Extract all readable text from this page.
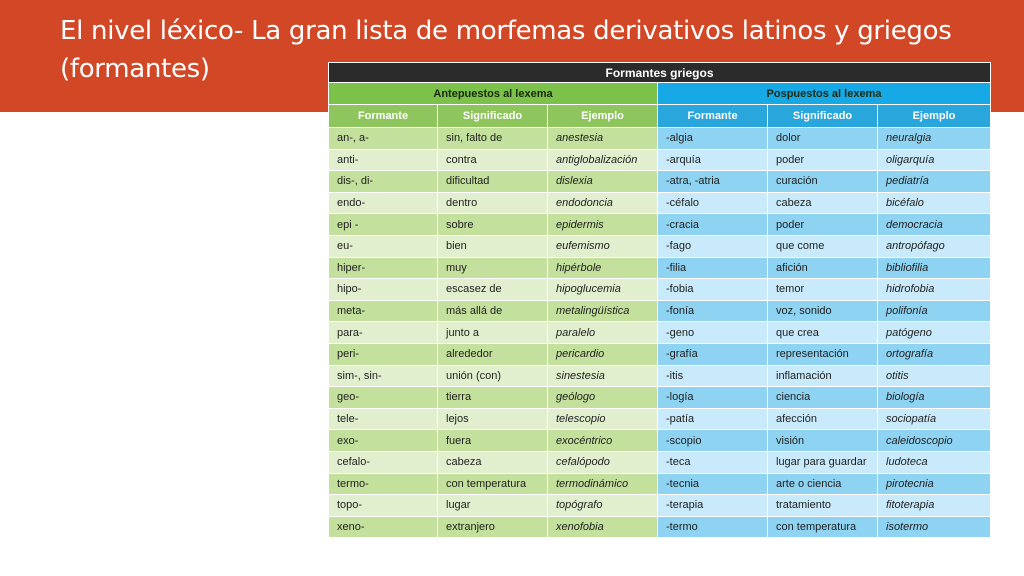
El nivel léxico- La gran lista de morfemas derivativos latinos y griegos (formantes)	Formantes griegos					
Antepuestos al lexema			Pospuestos al lexema		
Formante	Significado	Ejemplo	Formante	Significado	Ejemplo
an-, a-	sin, falto de	anestesia	-algia	dolor	neuralgia
anti-	contra	antiglobalización	-arquía	poder	oligarquía
dis-, di-	dificultad	dislexia	-atra, -atria	curación	pediatría
endo-	dentro	endodoncia	-céfalo	cabeza	bicéfalo
epi -	sobre	epidermis	-cracia	poder	democracia
eu-	bien	eufemismo	-fago	que come	antropófago
hiper-	muy	hipérbole	-filia	afición	bibliofilia
hipo-	escasez de	hipoglucemia	-fobia	temor	hidrofobia
meta-	más allá de	metalingüística	-fonía	voz, sonido	polifonía
para-	junto a	paralelo	-geno	que crea	patógeno
peri-	alrededor	pericardio	-grafía	representación	ortografía
sim-, sin-	unión (con)	sinestesia	-itis	inflamación	otitis
geo-	tierra	geólogo	-logía	ciencia	biología
tele-	lejos	telescopio	-patía	afección	sociopatía
exo-	fuera	exocéntrico	-scopio	visión	caleidoscopio
cefalo-	cabeza	cefalópodo	-teca	lugar para guardar	ludoteca
termo-	con temperatura	termodinámico	-tecnia	arte o ciencia	pirotecnia
topo-	lugar	topógrafo	-terapia	tratamiento	fitoterapia
xeno-	extranjero	xenofobia	-termo	con temperatura	isotermo
